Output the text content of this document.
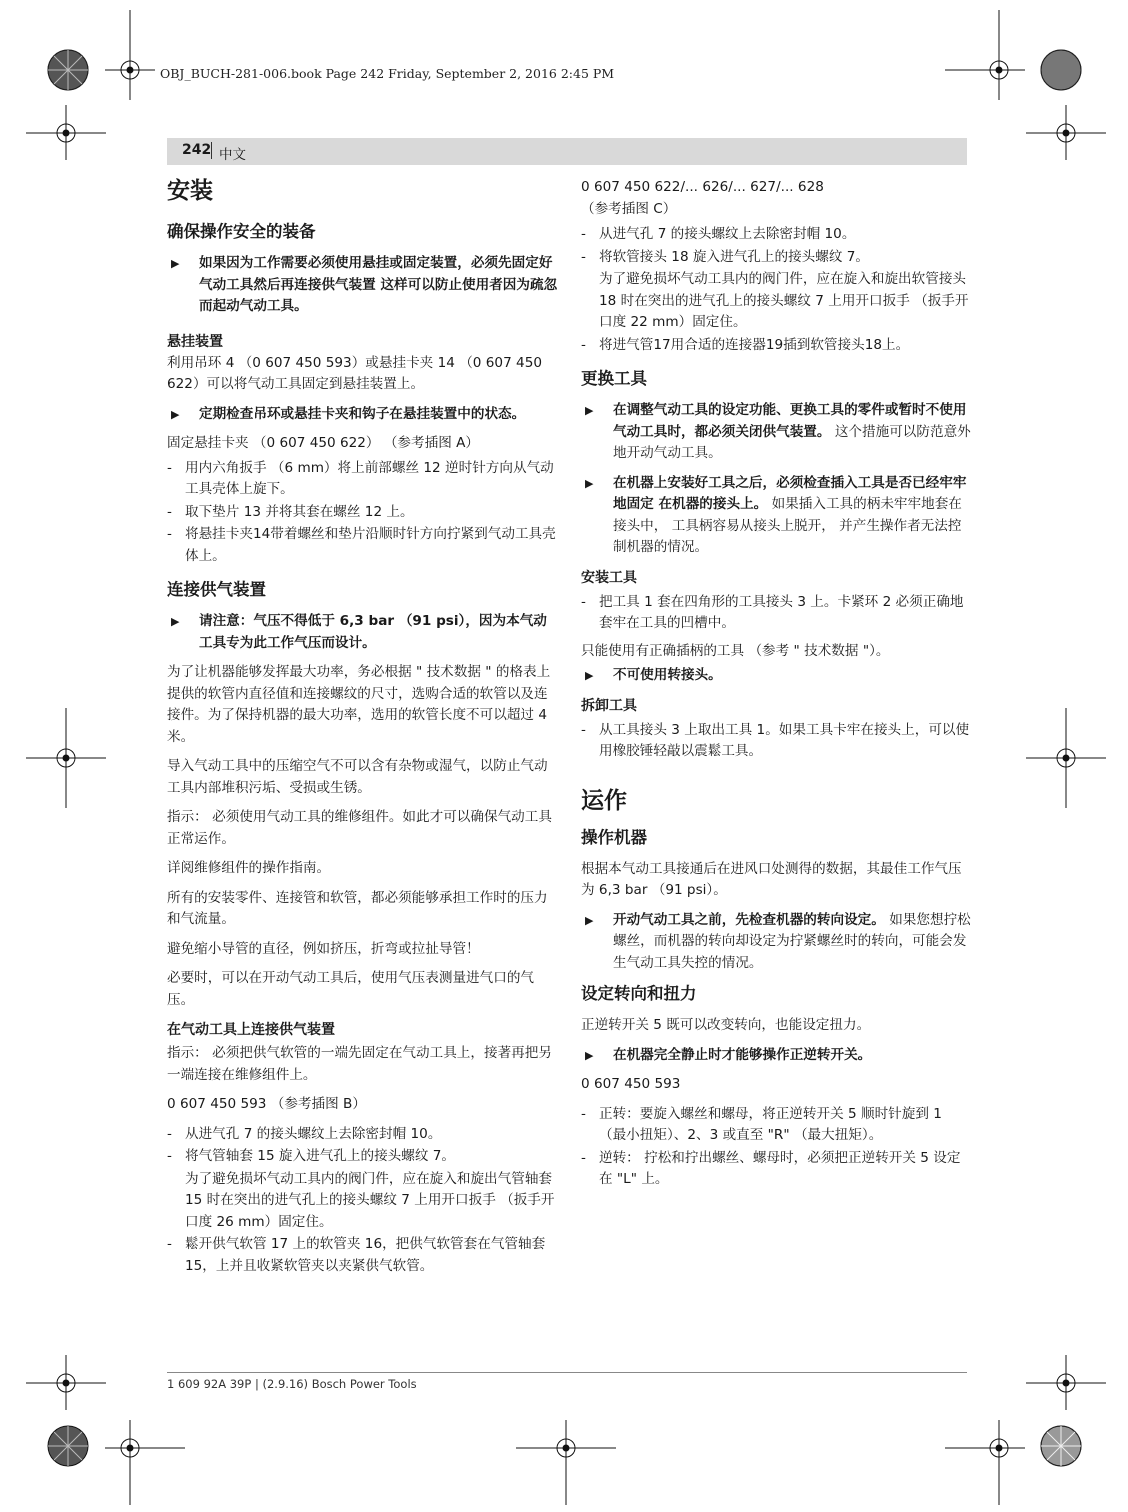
OBJ_BUCH-281-006.book Page 242 Friday, September 2, 2016 2:45 PM
242 中文

安装

确保操作安全的装备

▶ 如果因为工作需要必须使用悬挂或固定装置，必须先固定好气动工具然后再连接供气装置 这样可以防止使用者因为疏忽而起动气动工具。

悬挂装置

利用吊环 4 （0 607 450 593）或悬挂卡夹 14 （0 607 450 622）可以将气动工具固定到悬挂装置上。

▶ 定期检查吊环或悬挂卡夹和钩子在悬挂装置中的状态。

固定悬挂卡夹 （0 607 450 622） （参考插图 A）

- 用内六角扳手 （6 mm）将上前部螺丝 12 逆时针方向从气动工具壳体上旋下。
- 取下垫片 13 并将其套在螺丝 12 上。
- 将悬挂卡夹14带着螺丝和垫片沿顺时针方向拧紧到气动工具壳体上。

连接供气装置

▶ 请注意：气压不得低于 6,3 bar （91 psi），因为本气动工具专为此工作气压而设计。

为了让机器能够发挥最大功率，务必根据 " 技术数据 " 的格表上提供的软管内直径值和连接螺纹的尺寸，选购合适的软管以及连接件。为了保持机器的最大功率，选用的软管长度不可以超过 4 米。

导入气动工具中的压缩空气不可以含有杂物或湿气，以防止气动工具内部堆积污垢、受损或生锈。

指示： 必须使用气动工具的维修组件。如此才可以确保气动工具正常运作。

详阅维修组件的操作指南。

所有的安装零件、连接管和软管，都必须能够承担工作时的压力和气流量。

避免缩小导管的直径，例如挤压，折弯或拉扯导管！

必要时，可以在开动气动工具后，使用气压表测量进气口的气压。

在气动工具上连接供气装置

指示： 必须把供气软管的一端先固定在气动工具上，接著再把另一端连接在维修组件上。

0 607 450 593 （参考插图 B）

- 从进气孔 7 的接头螺纹上去除密封帽 10。
- 将气管轴套 15 旋入进气孔上的接头螺纹 7。

为了避免损坏气动工具内的阀门件，应在旋入和旋出气管轴套 15 时在突出的进气孔上的接头螺纹 7 上用开口扳手 （扳手开口度 26 mm）固定住。

- 鬆开供气软管 17 上的软管夹 16，把供气软管套在气管轴套 15，上并且收紧软管夹以夹紧供气软管。

0 607 450 622/... 626/... 627/... 628

（参考插图 C）

- 从进气孔 7 的接头螺纹上去除密封帽 10。
- 将软管接头 18 旋入进气孔上的接头螺纹 7。

为了避免损坏气动工具内的阀门件，应在旋入和旋出软管接头 18 时在突出的进气孔上的接头螺纹 7 上用开口扳手 （扳手开口度 22 mm）固定住。

- 将进气管17用合适的连接器19插到软管接头18上。

更换工具

▶ 在调整气动工具的设定功能、更换工具的零件或暂时不使用气动工具时，都必须关闭供气装置。 这个措施可以防范意外地开动气动工具。
▶ 在机器上安装好工具之后，必须检查插入工具是否已经牢牢地固定 在机器的接头上。 如果插入工具的柄未牢牢地套在接头中， 工具柄容易从接头上脱开， 并产生操作者无法控制机器的情况。

安装工具

- 把工具 1 套在四角形的工具接头 3 上。卡紧环 2 必须正确地套牢在工具的凹槽中。

只能使用有正确插柄的工具 （参考 " 技术数据 "）。

▶ 不可使用转接头。

拆卸工具

- 从工具接头 3 上取出工具 1。如果工具卡牢在接头上，可以使用橡胶锤轻敲以震鬆工具。

运作

操作机器

根据本气动工具接通后在进风口处测得的数据，其最佳工作气压为 6,3 bar （91 psi）。

▶ 开动气动工具之前，先检查机器的转向设定。 如果您想拧松螺丝，而机器的转向却设定为拧紧螺丝时的转向，可能会发生气动工具失控的情况。

设定转向和扭力

正逆转开关 5 既可以改变转向，也能设定扭力。

▶ 在机器完全静止时才能够操作正逆转开关。

0 607 450 593

- 正转：要旋入螺丝和螺母，将正逆转开关 5 顺时针旋到 1 （最小扭矩）、2、3 或直至 "R" （最大扭矩）。
- 逆转： 拧松和拧出螺丝、螺母时，必须把正逆转开关 5 设定在 "L" 上。
1 609 92A 39P | (2.9.16) Bosch Power Tools
